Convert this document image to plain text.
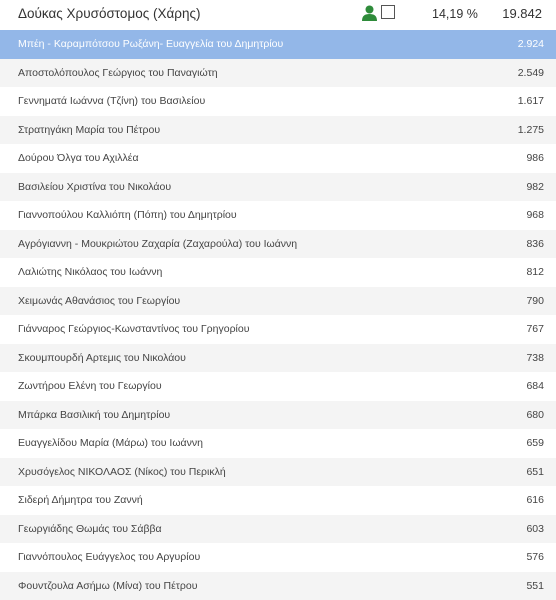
Δούκας Χρυσόστομος (Χάρης)	14,19 % 19.842
Μπέη - Καραμπότσου Ρωξάνη- Ευαγγελία του Δημητρίου	2.924
Αποστολόπουλος Γεώργιος του Παναγιώτη	2.549
Γεννηματά Ιωάννα (Τζίνη) του Βασιλείου	1.617
Στρατηγάκη Μαρία του Πέτρου	1.275
Δούρου Όλγα του Αχιλλέα	986
Βασιλείου Χριστίνα του Νικολάου	982
Γιαννοπούλου Καλλιόπη (Πόπη) του Δημητρίου	968
Αγρόγιαννη - Μουκριώτου Ζαχαρία (Ζαχαρούλα) του Ιωάννη	836
Λαλιώτης Νικόλαος του Ιωάννη	812
Χειμωνάς Αθανάσιος του Γεωργίου	790
Γιάνναρος Γεώργιος-Κωνσταντίνος του Γρηγορίου	767
Σκουμπουρδή Αρτεμις του Νικολάου	738
Ζωντήρου Ελένη του Γεωργίου	684
Μπάρκα Βασιλική του Δημητρίου	680
Ευαγγελίδου Μαρία (Μάρω) του Ιωάννη	659
Χρυσόγελος ΝΙΚΟΛΑΟΣ (Νίκος) του Περικλή	651
Σιδερή Δήμητρα του Ζαννή	616
Γεωργιάδης Θωμάς του Σάββα	603
Γιαννόπουλος Ευάγγελος του Αργυρίου	576
Φουντζουλα Ασήμω (Μίνα) του Πέτρου	551
